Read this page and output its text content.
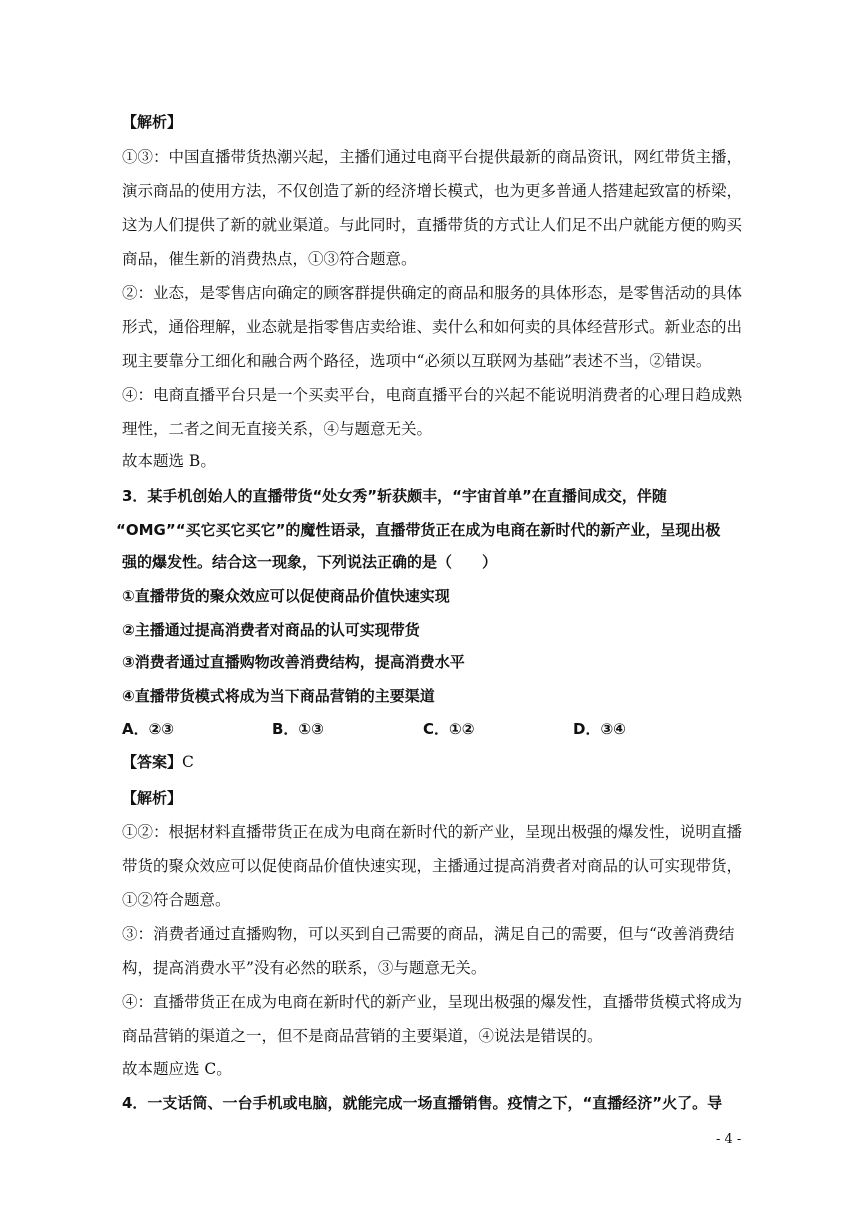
【解析】
①③：中国直播带货热潮兴起，主播们通过电商平台提供最新的商品资讯，网红带货主播，
演示商品的使用方法，不仅创造了新的经济增长模式，也为更多普通人搭建起致富的桥梁，
这为人们提供了新的就业渠道。与此同时，直播带货的方式让人们足不出户就能方便的购买
商品，催生新的消费热点，①③符合题意。
②：业态，是零售店向确定的顾客群提供确定的商品和服务的具体形态，是零售活动的具体
形式，通俗理解，业态就是指零售店卖给谁、卖什么和如何卖的具体经营形式。新业态的出
现主要靠分工细化和融合两个路径，选项中“必须以互联网为基础”表述不当，②错误。
④：电商直播平台只是一个买卖平台，电商直播平台的兴起不能说明消费者的心理日趋成熟
理性，二者之间无直接关系，④与题意无关。
故本题选 B。
3．某手机创始人的直播带货“处女秀”斩获颇丰，“宇宙首单”在直播间成交，伴随
“OMG”“买它买它买它”的魔性语录，直播带货正在成为电商在新时代的新产业，呈现出极
强的爆发性。结合这一现象，下列说法正确的是（　　）
①直播带货的聚众效应可以促使商品价值快速实现
②主播通过提高消费者对商品的认可实现带货
③消费者通过直播购物改善消费结构，提高消费水平
④直播带货模式将成为当下商品营销的主要渠道
A．②③	B．①③	C．①②	D．③④
【答案】C
【解析】
①②：根据材料直播带货正在成为电商在新时代的新产业，呈现出极强的爆发性，说明直播
带货的聚众效应可以促使商品价值快速实现，主播通过提高消费者对商品的认可实现带货，
①②符合题意。
③：消费者通过直播购物，可以买到自己需要的商品，满足自己的需要，但与“改善消费结
构，提高消费水平”没有必然的联系，③与题意无关。
④：直播带货正在成为电商在新时代的新产业，呈现出极强的爆发性，直播带货模式将成为
商品营销的渠道之一，但不是商品营销的主要渠道，④说法是错误的。
故本题应选 C。
4．一支话筒、一台手机或电脑，就能完成一场直播销售。疫情之下，“直播经济”火了。导
- 4 -
